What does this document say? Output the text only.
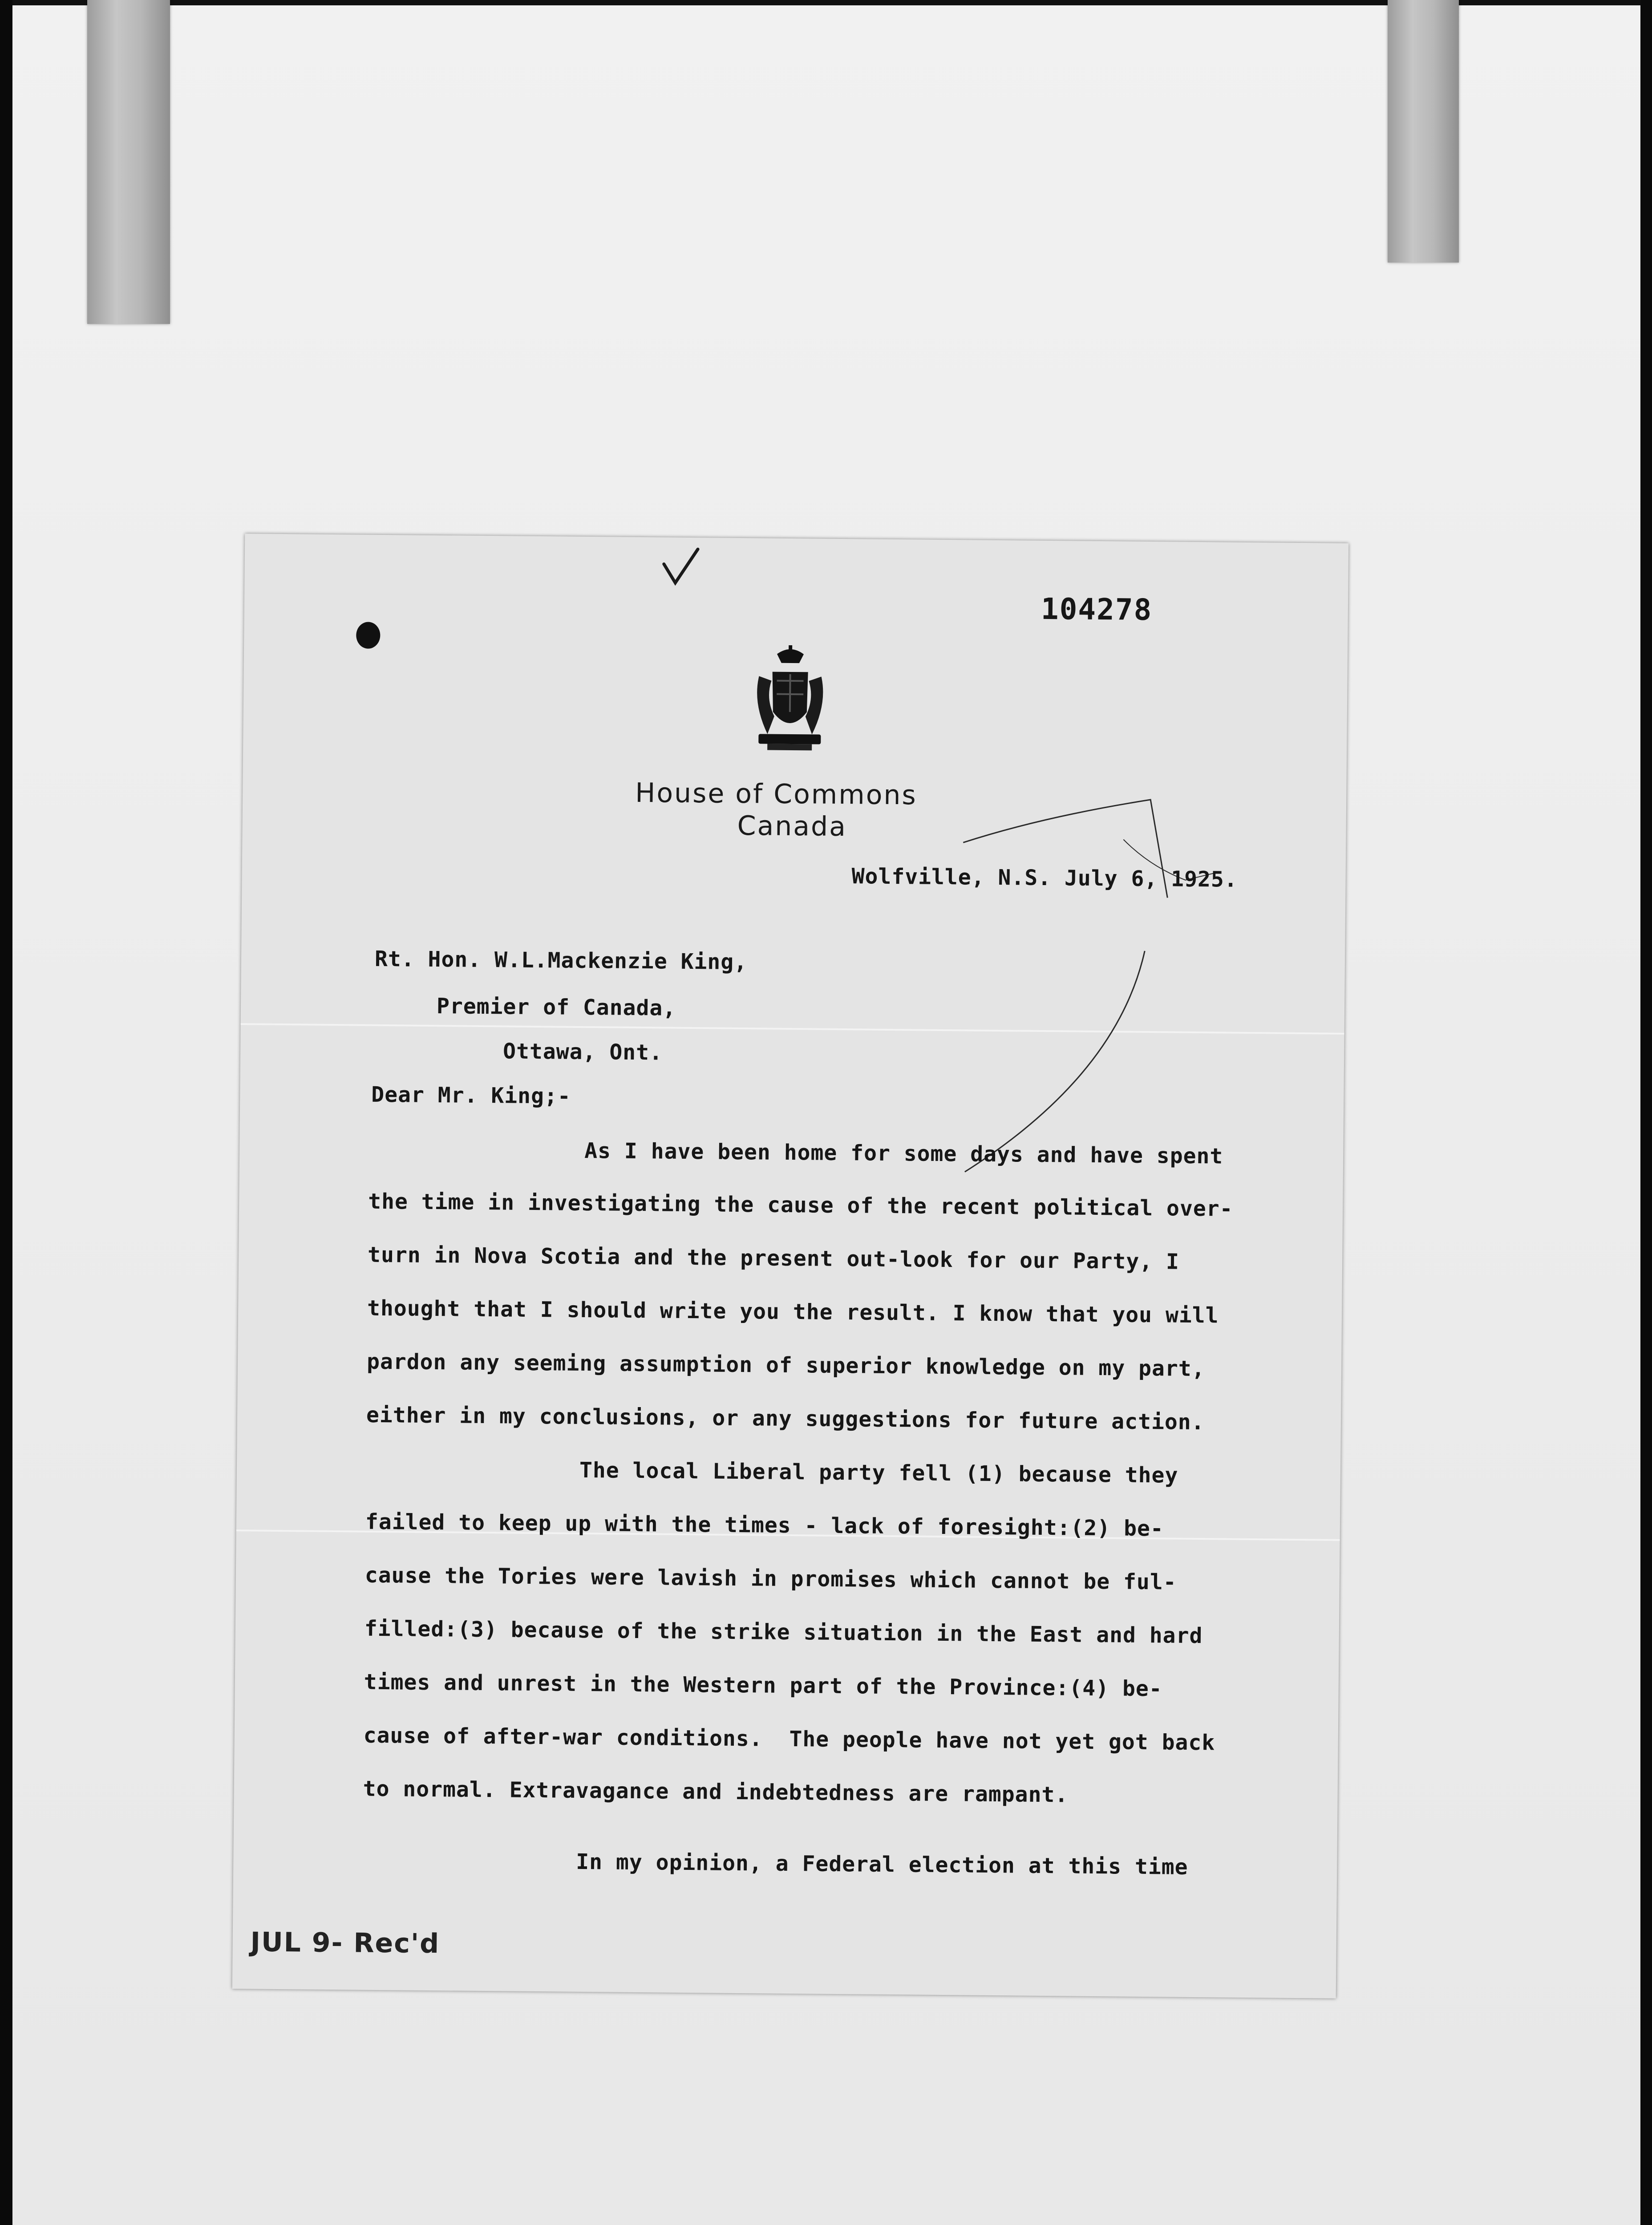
104278
House of Commons
Canada
Wolfville, N.S. July 6, 1925.
Rt. Hon. W.L.Mackenzie King,
Premier of Canada,
Ottawa, Ont.
Dear Mr. King;-
As I have been home for some days and have spent
the time in investigating the cause of the recent political over-
turn in Nova Scotia and the present out-look for our Party, I
thought that I should write you the result. I know that you will
pardon any seeming assumption of superior knowledge on my part,
either in my conclusions, or any suggestions for future action.
The local Liberal party fell (1) because they
failed to keep up with the times - lack of foresight:(2) be-
cause the Tories were lavish in promises which cannot be ful-
filled:(3) because of the strike situation in the East and hard
times and unrest in the Western part of the Province:(4) be-
cause of after-war conditions.  The people have not yet got back
to normal. Extravagance and indebtedness are rampant.
In my opinion, a Federal election at this time
JUL 9- Rec'd
